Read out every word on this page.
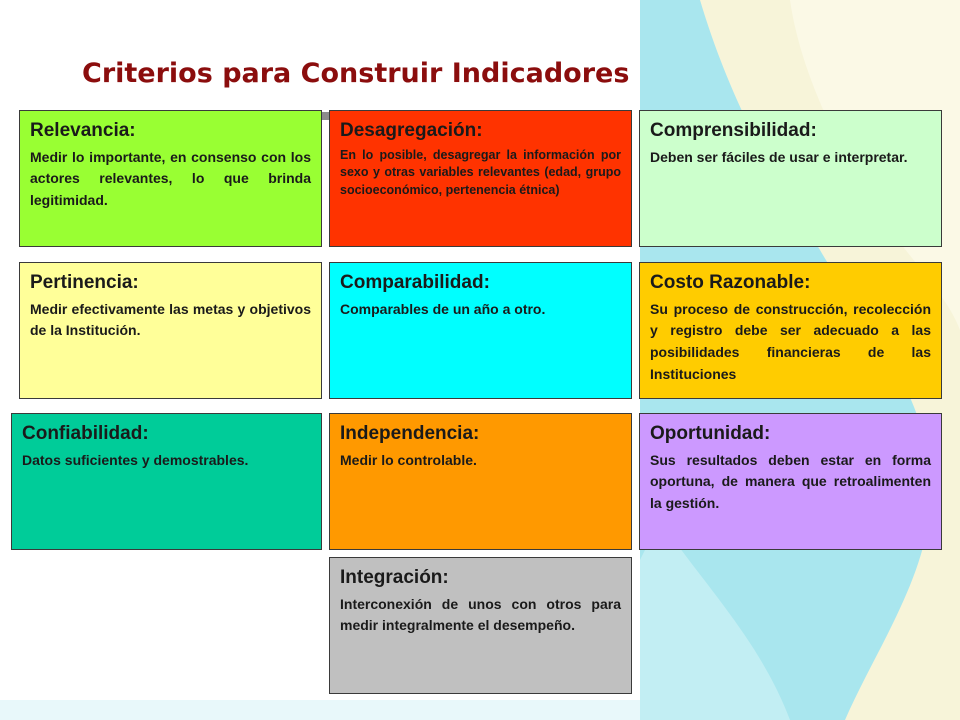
Criterios para Construir Indicadores
Relevancia:
Medir lo importante, en consenso con los actores relevantes, lo que brinda legitimidad.
Desagregación:
En lo posible, desagregar la información por sexo y otras variables relevantes (edad, grupo socioeconómico, pertenencia étnica)
Comprensibilidad:
Deben ser fáciles de usar e interpretar.
Pertinencia:
Medir efectivamente las metas y objetivos de la Institución.
Comparabilidad:
Comparables de un año a otro.
Costo Razonable:
Su proceso de construcción, recolección y registro debe ser adecuado a las posibilidades financieras de las Instituciones
Confiabilidad:
Datos suficientes y demostrables.
Independencia:
Medir lo controlable.
Oportunidad:
Sus resultados deben estar en forma oportuna, de manera que retroalimenten la gestión.
Integración:
Interconexión de unos con otros para medir integralmente el desempeño.
